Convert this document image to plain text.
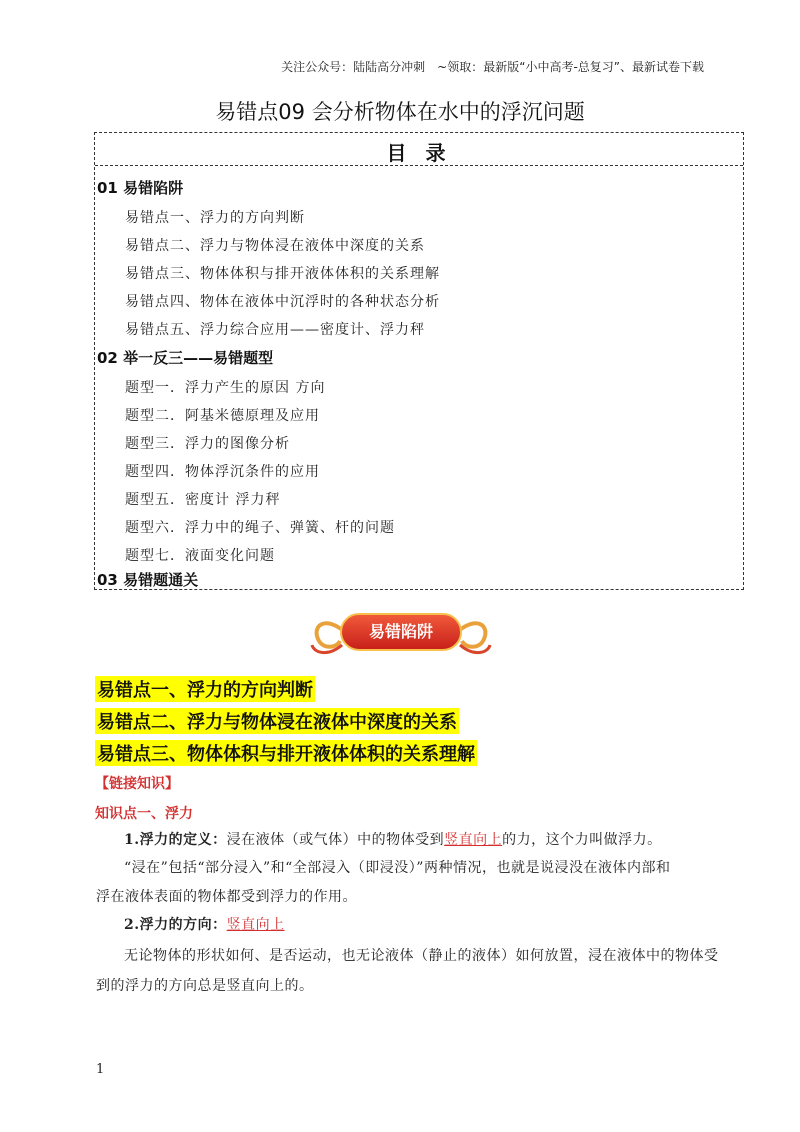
关注公众号：陆陆高分冲刺　~领取：最新版“小中高考-总复习”、最新试卷下载
易错点09 会分析物体在水中的浮沉问题
目 录
01 易错陷阱
易错点一、浮力的方向判断
易错点二、浮力与物体浸在液体中深度的关系
易错点三、物体体积与排开液体体积的关系理解
易错点四、物体在液体中沉浮时的各种状态分析
易错点五、浮力综合应用——密度计、浮力秤
02 举一反三——易错题型
题型一．浮力产生的原因 方向
题型二．阿基米德原理及应用
题型三．浮力的图像分析
题型四．物体浮沉条件的应用
题型五．密度计 浮力秤
题型六．浮力中的绳子、弹簧、杆的问题
题型七．液面变化问题
03 易错题通关
易错陷阱
易错点一、浮力的方向判断
易错点二、浮力与物体浸在液体中深度的关系
易错点三、物体体积与排开液体体积的关系理解
【链接知识】
知识点一、浮力
1.浮力的定义：浸在液体（或气体）中的物体受到竖直向上的力，这个力叫做浮力。
“浸在”包括“部分浸入”和“全部浸入（即浸没）”两种情况，也就是说浸没在液体内部和
浮在液体表面的物体都受到浮力的作用。
2.浮力的方向：竖直向上
无论物体的形状如何、是否运动，也无论液体（静止的液体）如何放置，浸在液体中的物体受
到的浮力的方向总是竖直向上的。
1
